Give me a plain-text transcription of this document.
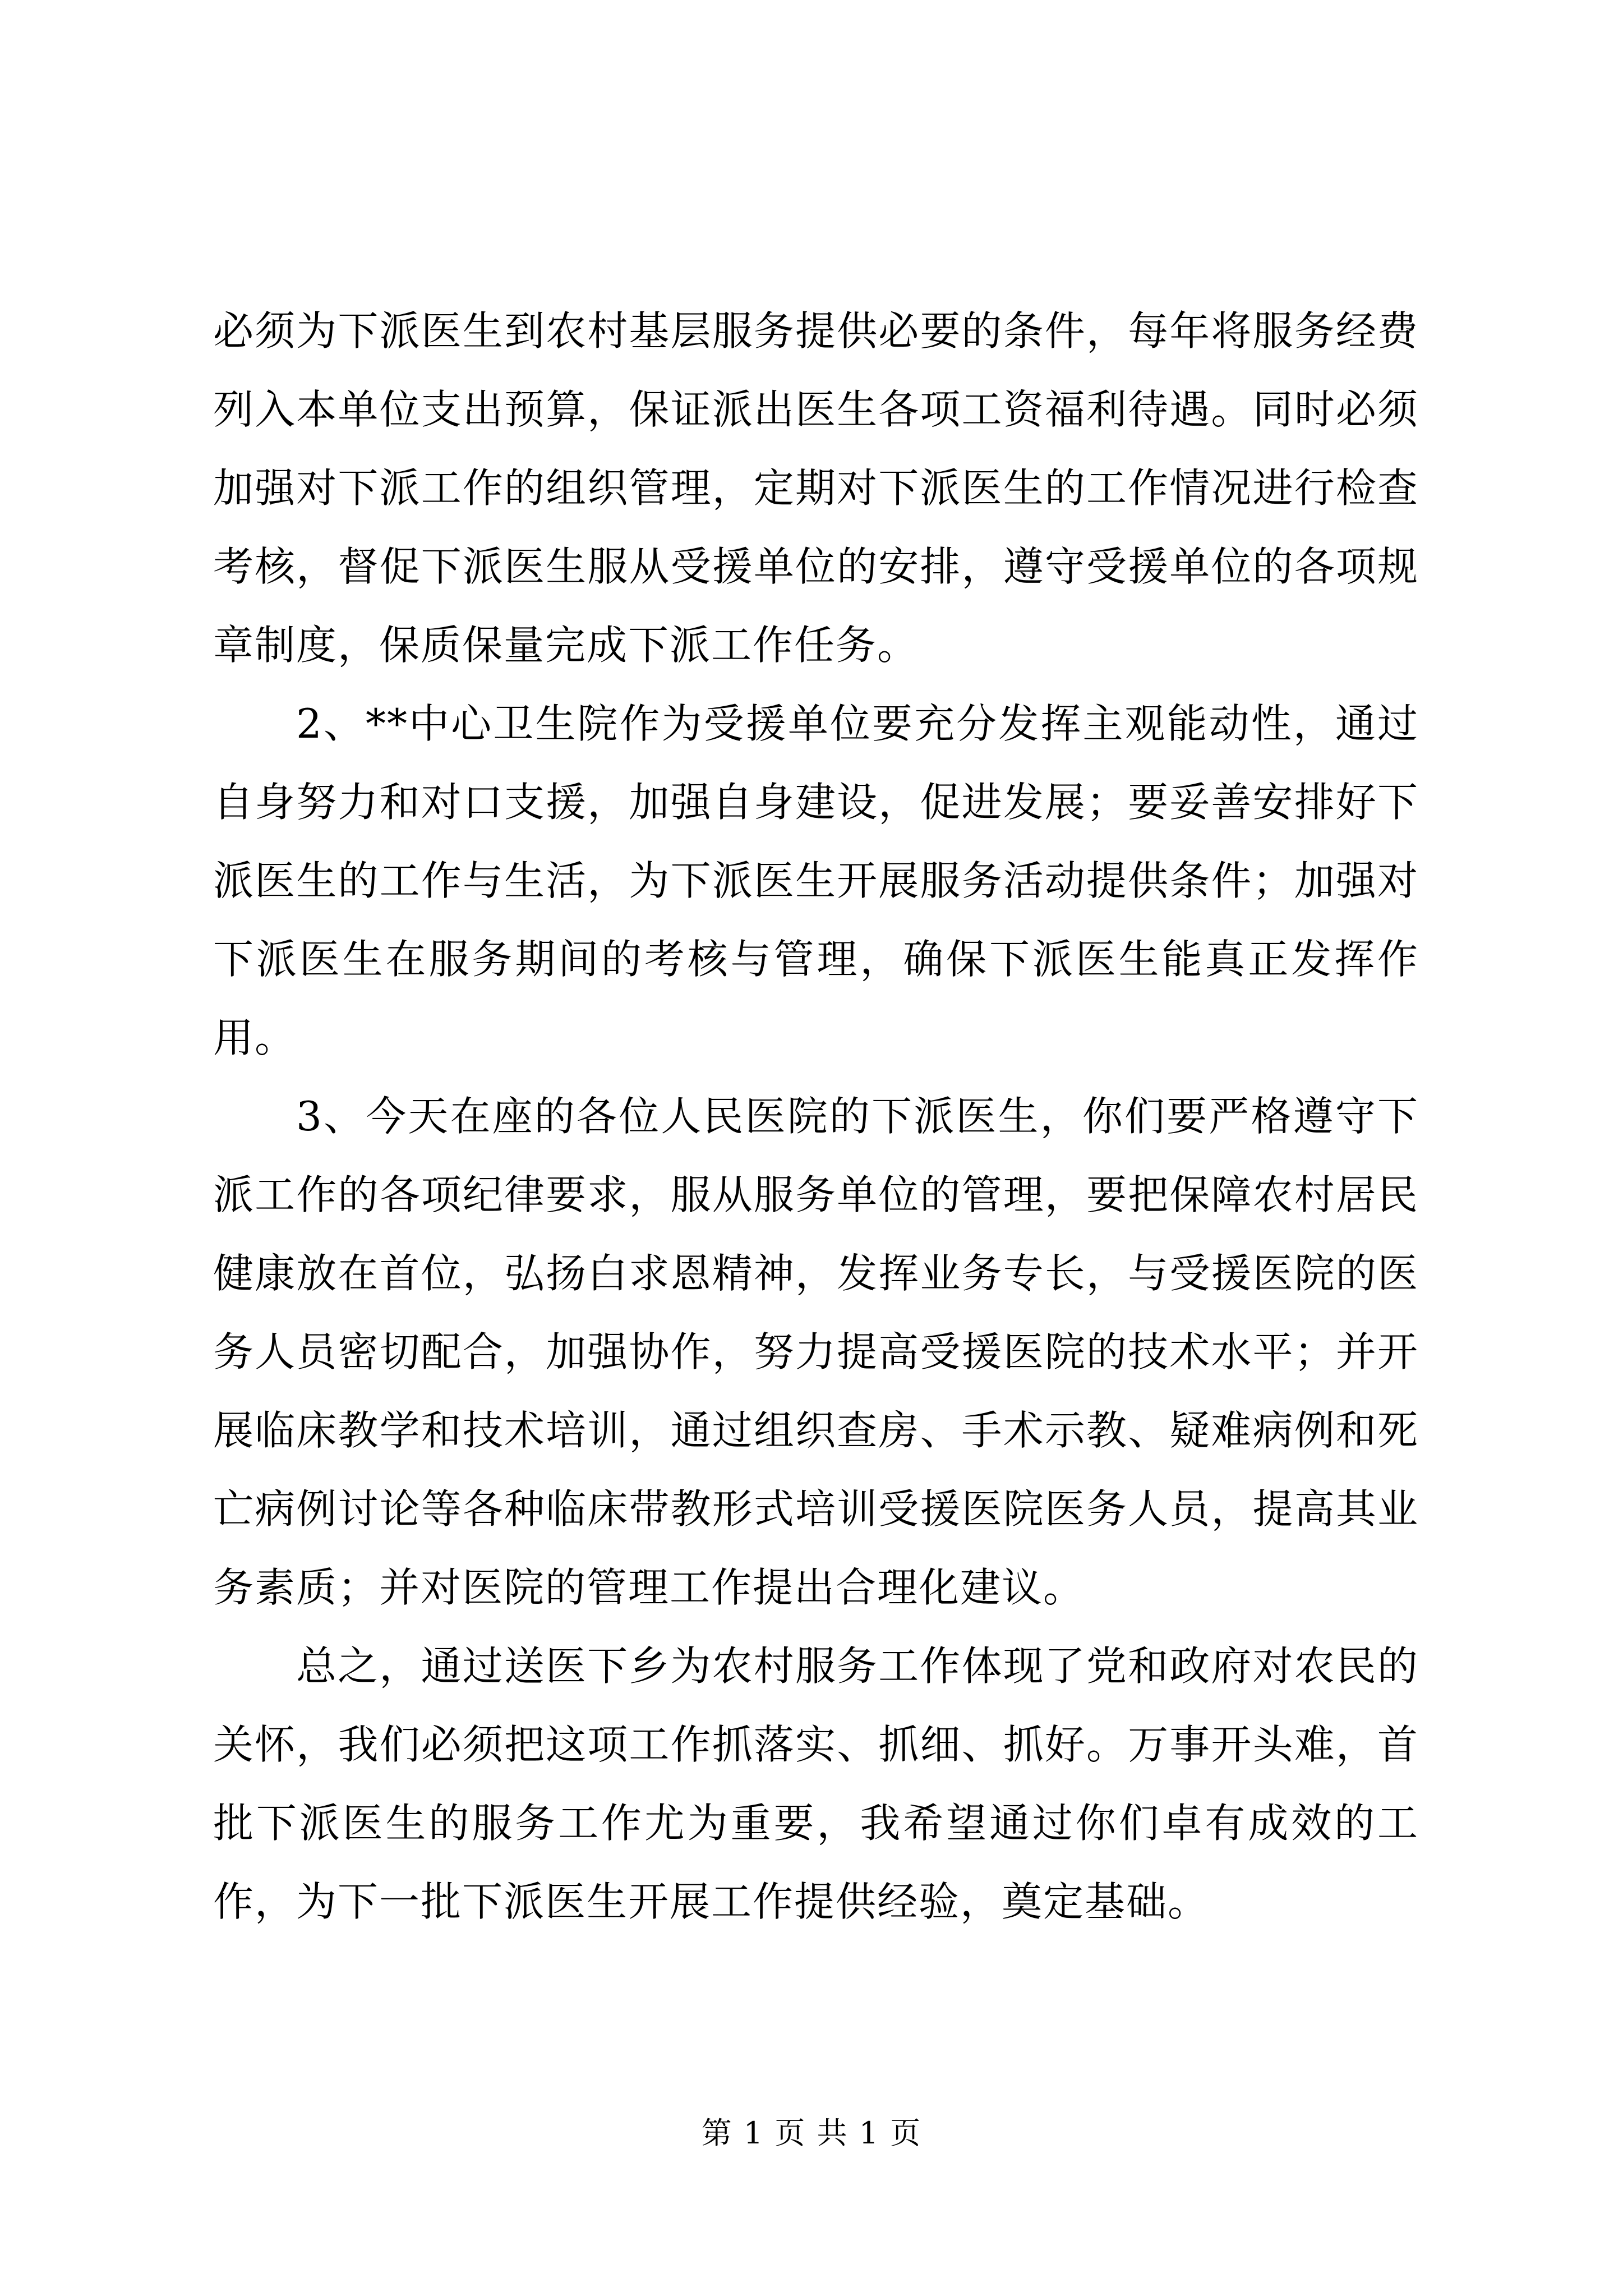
必须为下派医生到农村基层服务提供必要的条件，每年将服务经费列入本单位支出预算，保证派出医生各项工资福利待遇。同时必须加强对下派工作的组织管理，定期对下派医生的工作情况进行检查考核，督促下派医生服从受援单位的安排，遵守受援单位的各项规章制度，保质保量完成下派工作任务。

2、**中心卫生院作为受援单位要充分发挥主观能动性，通过自身努力和对口支援，加强自身建设，促进发展；要妥善安排好下派医生的工作与生活，为下派医生开展服务活动提供条件；加强对下派医生在服务期间的考核与管理，确保下派医生能真正发挥作用。

3、今天在座的各位人民医院的下派医生，你们要严格遵守下派工作的各项纪律要求，服从服务单位的管理，要把保障农村居民健康放在首位，弘扬白求恩精神，发挥业务专长，与受援医院的医务人员密切配合，加强协作，努力提高受援医院的技术水平；并开展临床教学和技术培训，通过组织查房、手术示教、疑难病例和死亡病例讨论等各种临床带教形式培训受援医院医务人员，提高其业务素质；并对医院的管理工作提出合理化建议。

总之，通过送医下乡为农村服务工作体现了党和政府对农民的关怀，我们必须把这项工作抓落实、抓细、抓好。万事开头难，首批下派医生的服务工作尤为重要，我希望通过你们卓有成效的工作，为下一批下派医生开展工作提供经验，奠定基础。

第 1 页 共 1 页
